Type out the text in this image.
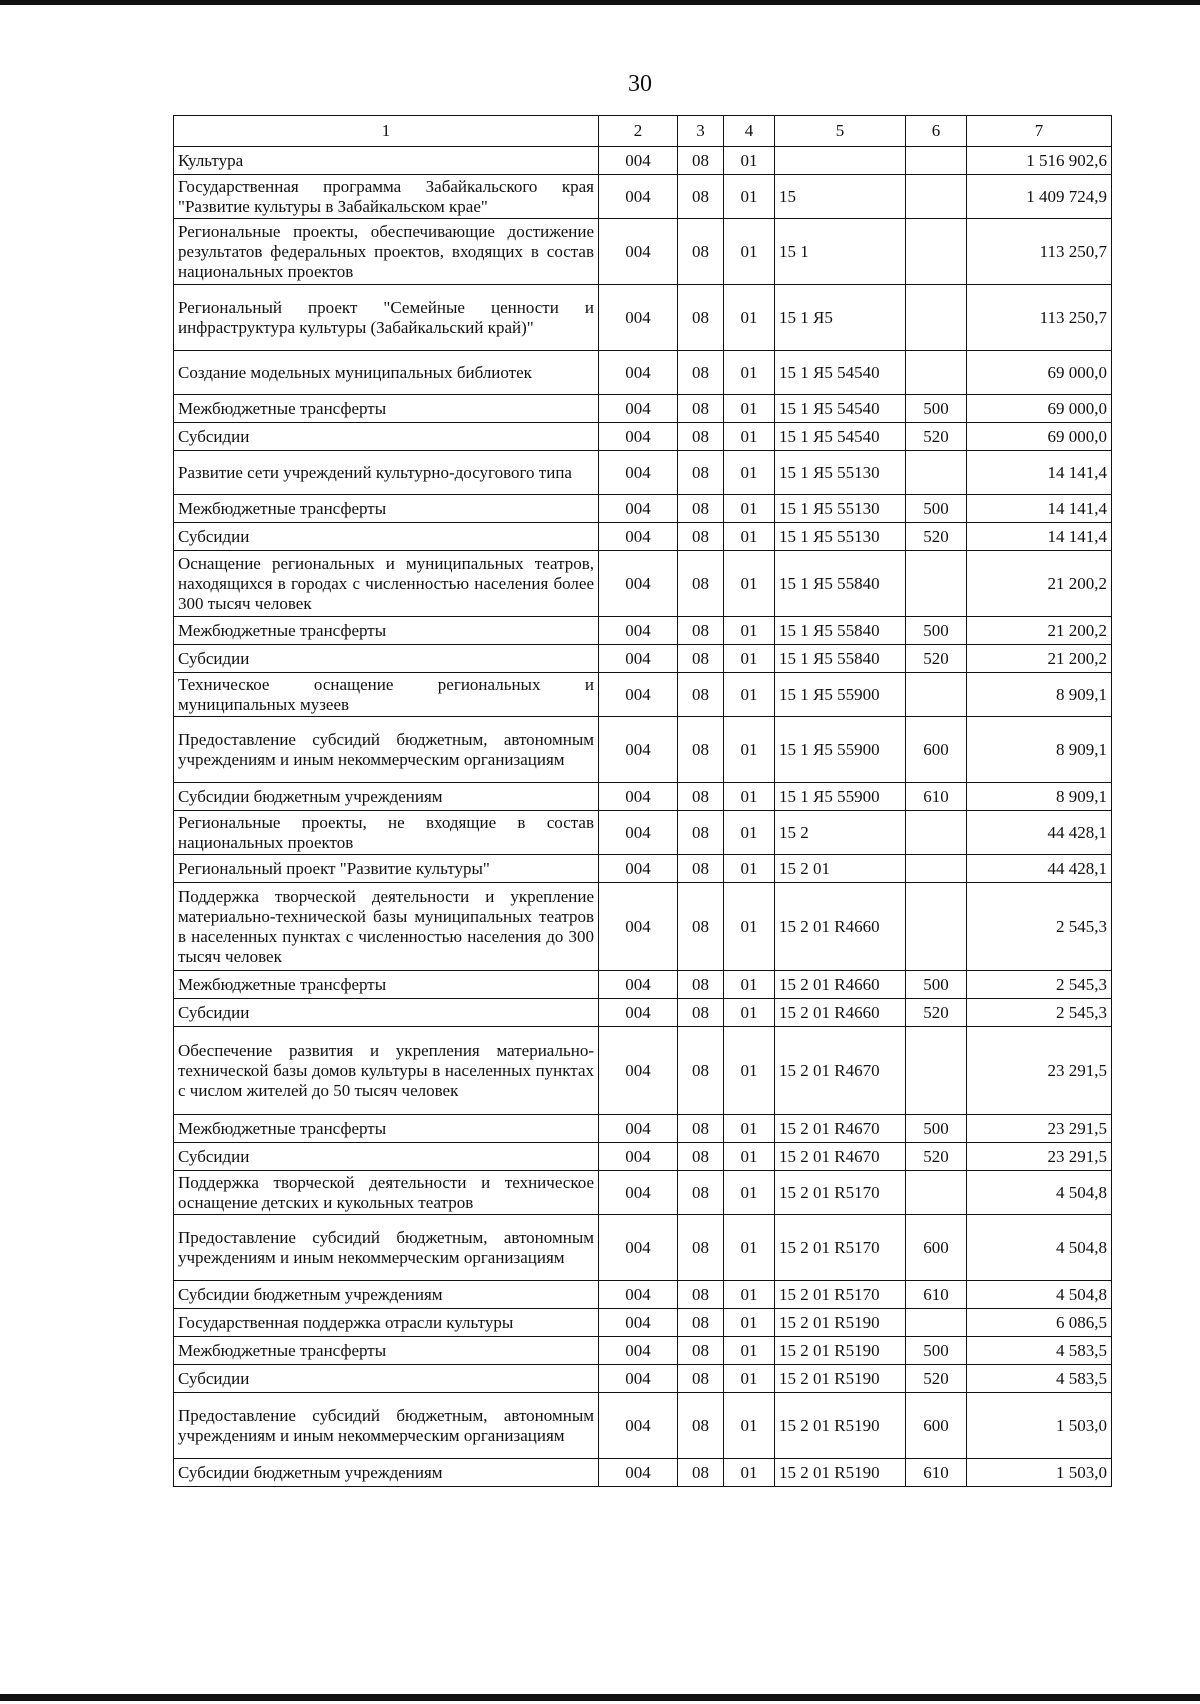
30
1	2	3	4	5	6	7
Культура	004	08	01			1 516 902,6
Государственная программа Забайкальского края "Развитие культуры в Забайкальском крае"	004	08	01	15		1 409 724,9
Региональные проекты, обеспечивающие достижение результатов федеральных проектов, входящих в состав национальных проектов	004	08	01	15 1		113 250,7
Региональный проект "Семейные ценности и инфраструктура культуры (Забайкальский край)"	004	08	01	15 1 Я5		113 250,7
Создание модельных муниципальных библиотек	004	08	01	15 1 Я5 54540		69 000,0
Межбюджетные трансферты	004	08	01	15 1 Я5 54540	500	69 000,0
Субсидии	004	08	01	15 1 Я5 54540	520	69 000,0
Развитие сети учреждений культурно-досугового типа	004	08	01	15 1 Я5 55130		14 141,4
Межбюджетные трансферты	004	08	01	15 1 Я5 55130	500	14 141,4
Субсидии	004	08	01	15 1 Я5 55130	520	14 141,4
Оснащение региональных и муниципальных театров, находящихся в городах с численностью населения более 300 тысяч человек	004	08	01	15 1 Я5 55840		21 200,2
Межбюджетные трансферты	004	08	01	15 1 Я5 55840	500	21 200,2
Субсидии	004	08	01	15 1 Я5 55840	520	21 200,2
Техническое оснащение региональных и муниципальных музеев	004	08	01	15 1 Я5 55900		8 909,1
Предоставление субсидий бюджетным, автономным учреждениям и иным некоммерческим организациям	004	08	01	15 1 Я5 55900	600	8 909,1
Субсидии бюджетным учреждениям	004	08	01	15 1 Я5 55900	610	8 909,1
Региональные проекты, не входящие в состав национальных проектов	004	08	01	15 2		44 428,1
Региональный проект "Развитие культуры"	004	08	01	15 2 01		44 428,1
Поддержка творческой деятельности и укрепление материально-технической базы муниципальных театров в населенных пунктах с численностью населения до 300 тысяч человек	004	08	01	15 2 01 R4660		2 545,3
Межбюджетные трансферты	004	08	01	15 2 01 R4660	500	2 545,3
Субсидии	004	08	01	15 2 01 R4660	520	2 545,3
Обеспечение развития и укрепления материально-технической базы домов культуры в населенных пунктах с числом жителей до 50 тысяч человек	004	08	01	15 2 01 R4670		23 291,5
Межбюджетные трансферты	004	08	01	15 2 01 R4670	500	23 291,5
Субсидии	004	08	01	15 2 01 R4670	520	23 291,5
Поддержка творческой деятельности и техническое оснащение детских и кукольных театров	004	08	01	15 2 01 R5170		4 504,8
Предоставление субсидий бюджетным, автономным учреждениям и иным некоммерческим организациям	004	08	01	15 2 01 R5170	600	4 504,8
Субсидии бюджетным учреждениям	004	08	01	15 2 01 R5170	610	4 504,8
Государственная поддержка отрасли культуры	004	08	01	15 2 01 R5190		6 086,5
Межбюджетные трансферты	004	08	01	15 2 01 R5190	500	4 583,5
Субсидии	004	08	01	15 2 01 R5190	520	4 583,5
Предоставление субсидий бюджетным, автономным учреждениям и иным некоммерческим организациям	004	08	01	15 2 01 R5190	600	1 503,0
Субсидии бюджетным учреждениям	004	08	01	15 2 01 R5190	610	1 503,0
